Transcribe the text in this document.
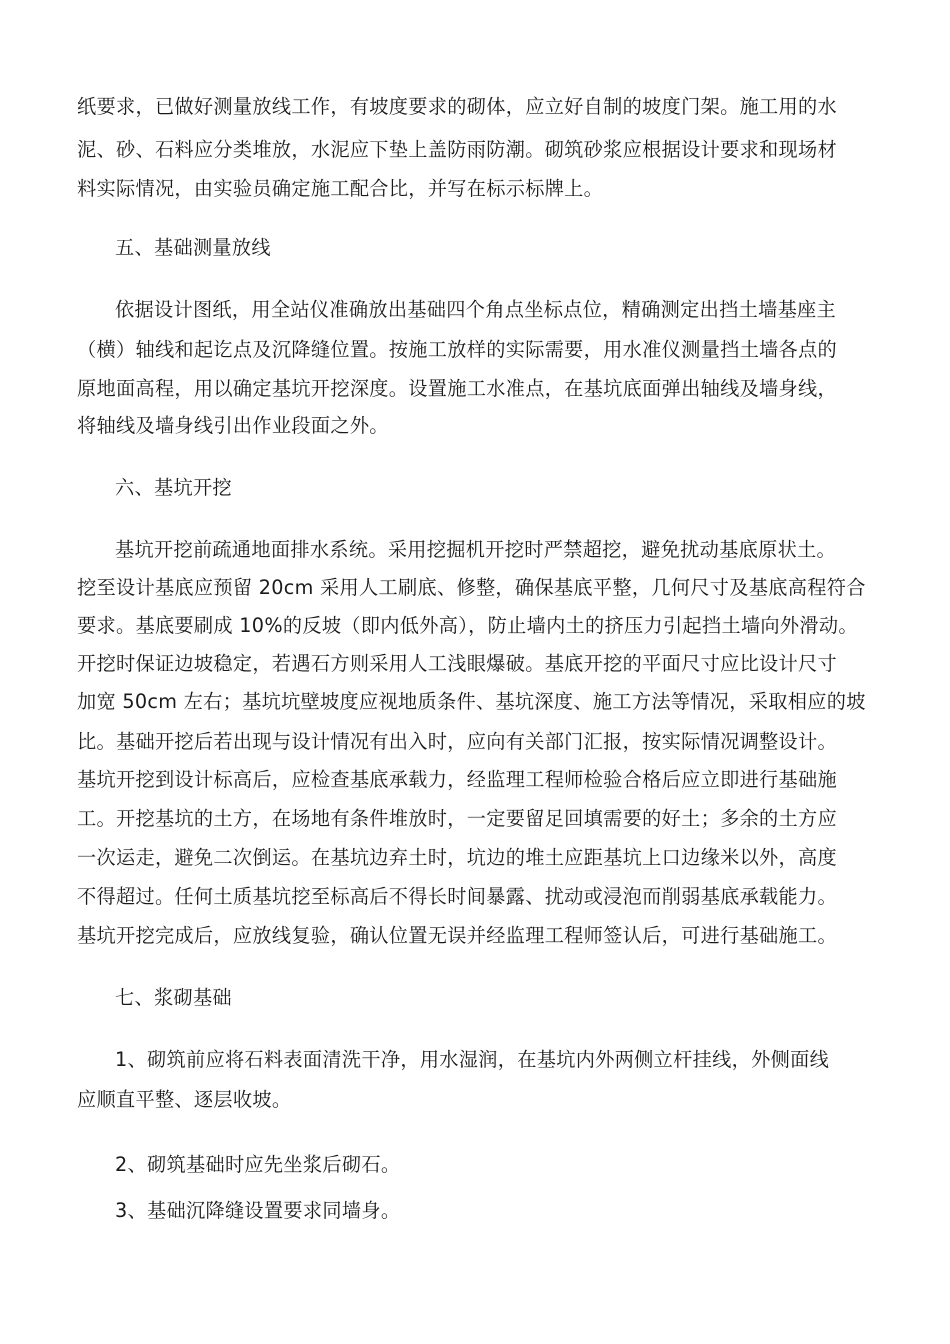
纸要求，已做好测量放线工作，有坡度要求的砌体，应立好自制的坡度门架。施工用的水
泥、砂、石料应分类堆放，水泥应下垫上盖防雨防潮。砌筑砂浆应根据设计要求和现场材
料实际情况，由实验员确定施工配合比，并写在标示标牌上。
五、基础测量放线
依据设计图纸，用全站仪准确放出基础四个角点坐标点位，精确测定出挡土墙基座主
（横）轴线和起讫点及沉降缝位置。按施工放样的实际需要，用水准仪测量挡土墙各点的
原地面高程，用以确定基坑开挖深度。设置施工水准点，在基坑底面弹出轴线及墙身线，
将轴线及墙身线引出作业段面之外。
六、基坑开挖
基坑开挖前疏通地面排水系统。采用挖掘机开挖时严禁超挖，避免扰动基底原状土。
挖至设计基底应预留 20cm 采用人工刷底、修整，确保基底平整，几何尺寸及基底高程符合
要求。基底要刷成 10%的反坡（即内低外高），防止墙内土的挤压力引起挡土墙向外滑动。
开挖时保证边坡稳定，若遇石方则采用人工浅眼爆破。基底开挖的平面尺寸应比设计尺寸
加宽 50cm 左右；基坑坑壁坡度应视地质条件、基坑深度、施工方法等情况，采取相应的坡
比。基础开挖后若出现与设计情况有出入时，应向有关部门汇报，按实际情况调整设计。
基坑开挖到设计标高后，应检查基底承载力，经监理工程师检验合格后应立即进行基础施
工。开挖基坑的土方，在场地有条件堆放时，一定要留足回填需要的好土；多余的土方应
一次运走，避免二次倒运。在基坑边弃土时，坑边的堆土应距基坑上口边缘米以外，高度
不得超过。任何土质基坑挖至标高后不得长时间暴露、扰动或浸泡而削弱基底承载能力。
基坑开挖完成后，应放线复验，确认位置无误并经监理工程师签认后，可进行基础施工。
七、浆砌基础
1、砌筑前应将石料表面清洗干净，用水湿润，在基坑内外两侧立杆挂线，外侧面线
应顺直平整、逐层收坡。
2、砌筑基础时应先坐浆后砌石。
3、基础沉降缝设置要求同墙身。
